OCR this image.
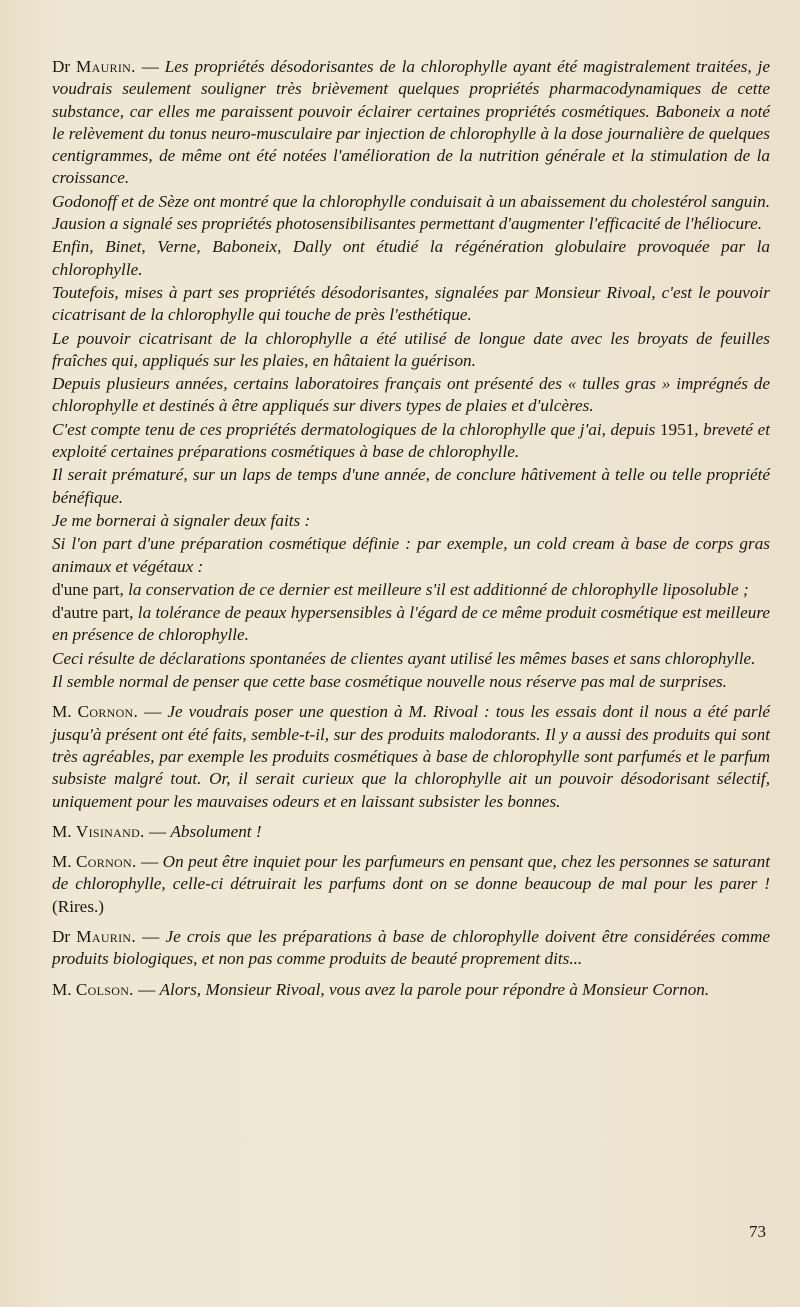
Dr Maurin. — Les propriétés désodorisantes de la chlorophylle ayant été magistralement traitées, je voudrais seulement souligner très brièvement quelques propriétés pharmacodynamiques de cette substance, car elles me paraissent pouvoir éclairer certaines propriétés cosmétiques. Baboneix a noté le relèvement du tonus neuro-musculaire par injection de chlorophylle à la dose journalière de quelques centigrammes, de même ont été notées l'amélioration de la nutrition générale et la stimulation de la croissance.

Godonoff et de Sèze ont montré que la chlorophylle conduisait à un abaissement du cholestérol sanguin. Jausion a signalé ses propriétés photosensibilisantes permettant d'augmenter l'efficacité de l'héliocure.

Enfin, Binet, Verne, Baboneix, Dally ont étudié la régénération globulaire provoquée par la chlorophylle.

Toutefois, mises à part ses propriétés désodorisantes, signalées par Monsieur Rivoal, c'est le pouvoir cicatrisant de la chlorophylle qui touche de près l'esthétique.

Le pouvoir cicatrisant de la chlorophylle a été utilisé de longue date avec les broyats de feuilles fraîches qui, appliqués sur les plaies, en hâtaient la guérison.

Depuis plusieurs années, certains laboratoires français ont présenté des « tulles gras » imprégnés de chlorophylle et destinés à être appliqués sur divers types de plaies et d'ulcères.

C'est compte tenu de ces propriétés dermatologiques de la chlorophylle que j'ai, depuis 1951, breveté et exploité certaines préparations cosmétiques à base de chlorophylle.

Il serait prématuré, sur un laps de temps d'une année, de conclure hâtivement à telle ou telle propriété bénéfique.

Je me bornerai à signaler deux faits :

Si l'on part d'une préparation cosmétique définie : par exemple, un cold cream à base de corps gras animaux et végétaux :

d'une part, la conservation de ce dernier est meilleure s'il est additionné de chlorophylle liposoluble ;

d'autre part, la tolérance de peaux hypersensibles à l'égard de ce même produit cosmétique est meilleure en présence de chlorophylle.

Ceci résulte de déclarations spontanées de clientes ayant utilisé les mêmes bases et sans chlorophylle.

Il semble normal de penser que cette base cosmétique nouvelle nous réserve pas mal de surprises.

M. Cornon. — Je voudrais poser une question à M. Rivoal : tous les essais dont il nous a été parlé jusqu'à présent ont été faits, semble-t-il, sur des produits malodorants. Il y a aussi des produits qui sont très agréables, par exemple les produits cosmétiques à base de chlorophylle sont parfumés et le parfum subsiste malgré tout. Or, il serait curieux que la chlorophylle ait un pouvoir désodorisant sélectif, uniquement pour les mauvaises odeurs et en laissant subsister les bonnes.

M. Visinand. — Absolument !

M. Cornon. — On peut être inquiet pour les parfumeurs en pensant que, chez les personnes se saturant de chlorophylle, celle-ci détruirait les parfums dont on se donne beaucoup de mal pour les parer ! (Rires.)

Dr Maurin. — Je crois que les préparations à base de chlorophylle doivent être considérées comme produits biologiques, et non pas comme produits de beauté proprement dits...

M. Colson. — Alors, Monsieur Rivoal, vous avez la parole pour répondre à Monsieur Cornon.

73
